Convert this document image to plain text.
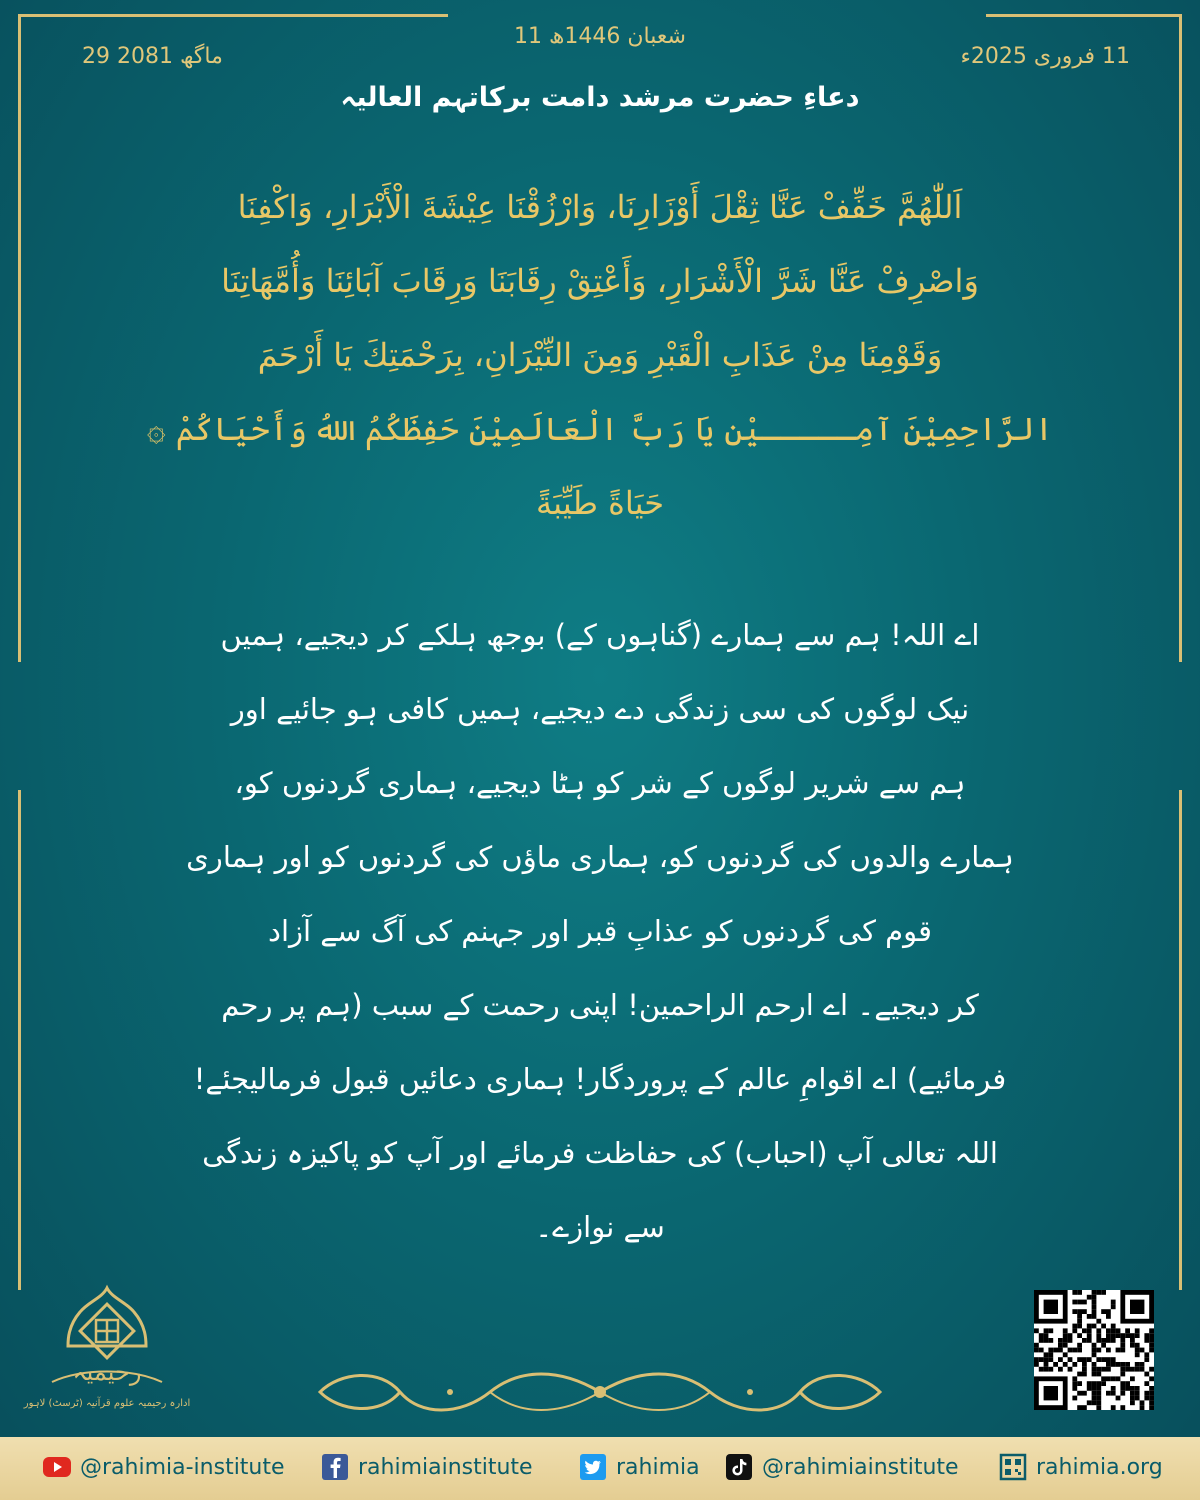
11 شعبان 1446ھ
29 ماگھ 2081	11 فروری 2025ء
دعاءِ حضرت مرشد دامت برکاتہم العالیہ
اَللّٰهُمَّ خَفِّفْ عَنَّا ثِقْلَ أَوْزَارِنَا، وَارْزُقْنَا عِيْشَةَ الْأَبْرَارِ، وَاكْفِنَا
وَاصْرِفْ عَنَّا شَرَّ الْأَشْرَارِ، وَأَعْتِقْ رِقَابَنَا وَرِقَابَ آبَائِنَا وَأُمَّهَاتِنَا
وَقَوْمِنَا مِنْ عَذَابِ الْقَبْرِ وَمِنَ النِّيْرَانِ، بِرَحْمَتِكَ يَا أَرْحَمَ
الرَّاحِمِيْنَ آمِـــــيْن يَا رَبَّ الْعَالَمِيْنَ حَفِظَكُمُ اللهُ وَأَحْيَاكُمْ ۞
حَيَاةً طَيِّبَةً
اے اللہ! ہم سے ہمارے (گناہوں کے) بوجھ ہلکے کر دیجیے، ہمیں
نیک لوگوں کی سی زندگی دے دیجیے، ہمیں کافی ہو جائیے اور
ہم سے شریر لوگوں کے شر کو ہٹا دیجیے، ہماری گردنوں کو،
ہمارے والدوں کی گردنوں کو، ہماری ماؤں کی گردنوں کو اور ہماری
قوم کی گردنوں کو عذابِ قبر اور جہنم کی آگ سے آزاد
کر دیجیے۔ اے ارحم الراحمین! اپنی رحمت کے سبب (ہم پر رحم
فرمائیے) اے اقوامِ عالم کے پروردگار! ہماری دعائیں قبول فرمالیجئے!
اللہ تعالی آپ (احباب) کی حفاظت فرمائے اور آپ کو پاکیزہ زندگی
سے نوازے۔
رحیمیہ
ادارہ رحیمیہ علوم قرآنیہ (ٹرسٹ) لاہور
@rahimia-institute	rahimiainstitute	rahimia	@rahimiainstitute	rahimia.org
